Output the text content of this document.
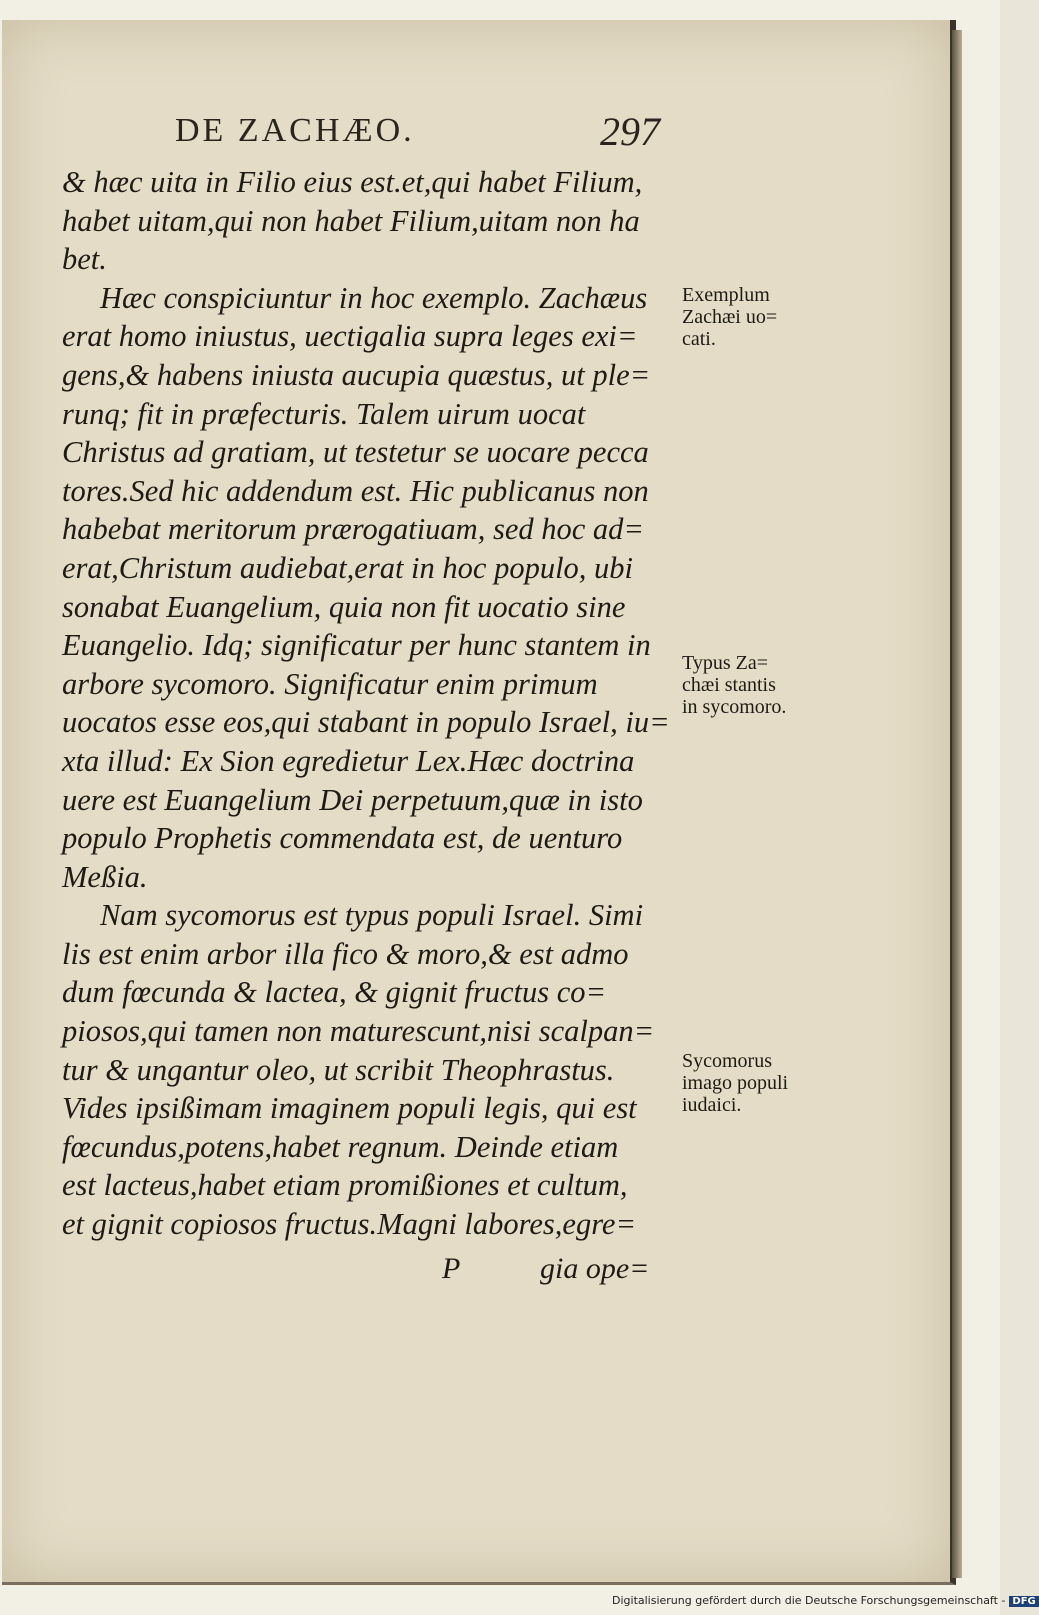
DE ZACHÆO.	297
& hæc uita in Filio eius est.et,qui habet Filium,
habet uitam,qui non habet Filium,uitam non ha
bet.
Hæc conspiciuntur in hoc exemplo. Zachæus
erat homo iniustus, uectigalia supra leges exi=
gens,& habens iniusta aucupia quæstus, ut ple=
runq; fit in præfecturis. Talem uirum uocat
Christus ad gratiam, ut testetur se uocare pecca
tores.Sed hic addendum est. Hic publicanus non
habebat meritorum prærogatiuam, sed hoc ad=
erat,Christum audiebat,erat in hoc populo, ubi
sonabat Euangelium, quia non fit uocatio sine
Euangelio. Idq; significatur per hunc stantem in
arbore sycomoro. Significatur enim primum
uocatos esse eos,qui stabant in populo Israel, iu=
xta illud: Ex Sion egredietur Lex.Hæc doctrina
uere est Euangelium Dei perpetuum,quæ in isto
populo Prophetis commendata est, de uenturo
Meßia.
Nam sycomorus est typus populi Israel. Simi
lis est enim arbor illa fico & moro,& est admo
dum fœcunda & lactea, & gignit fructus co=
piosos,qui tamen non maturescunt,nisi scalpan=
tur & ungantur oleo, ut scribit Theophrastus.
Vides ipsißimam imaginem populi legis, qui est
fœcundus,potens,habet regnum. Deinde etiam
est lacteus,habet etiam promißiones et cultum,
et gignit copiosos fructus.Magni labores,egre=
P	gia ope=
Exemplum
Zachæi uo=
cati.
Typus Za=
chæi stantis
in sycomoro.
Sycomorus
imago populi
iudaici.
Digitalisierung gefördert durch die Deutsche Forschungsgemeinschaft - DFG
